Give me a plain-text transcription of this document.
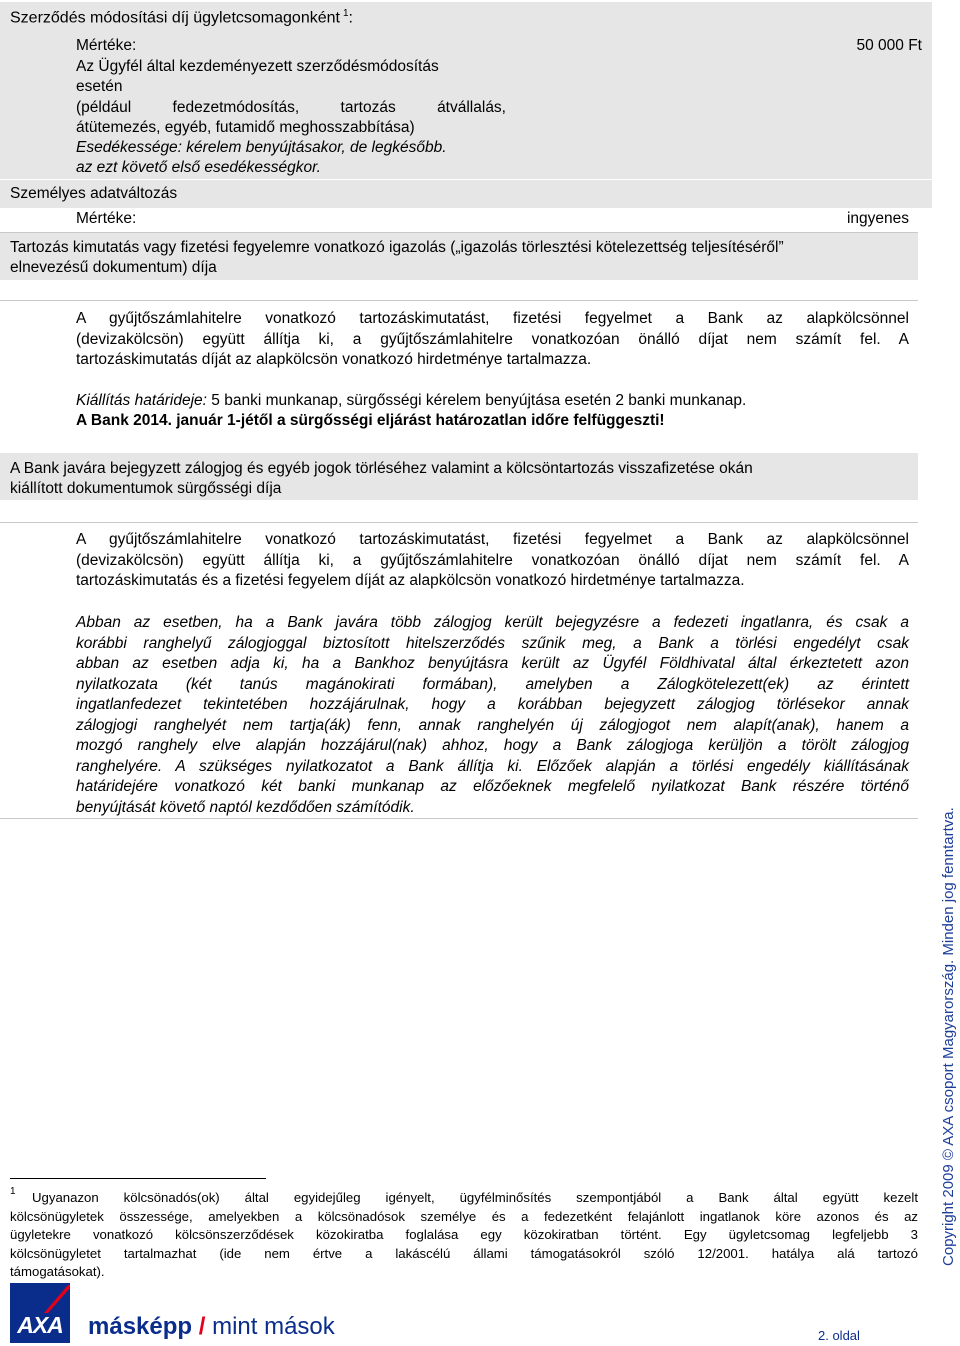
Szerződés módosítási díj ügyletcsomagonként $^1$:
Mértéke:	50 000 Ft
Az Ügyfél által kezdeményezett szerződésmódosítás
esetén
(például fedezetmódosítás, tartozás átvállalás,
átütemezés, egyéb, futamidő meghosszabbítása)
Esedékessége: kérelem benyújtásakor, de legkésőbb.
az ezt követő első esedékességkor.
Személyes adatváltozás
Mértéke:	ingyenes
Tartozás kimutatás vagy fizetési fegyelemre vonatkozó igazolás („igazolás törlesztési kötelezettség teljesítéséről”
elnevezésű dokumentum) díja
A gyűjtőszámlahitelre vonatkozó tartozáskimutatást, fizetési fegyelmet a Bank az alapkölcsönnel
(devizakölcsön) együtt állítja ki, a gyűjtőszámlahitelre vonatkozóan önálló díjat nem számít fel. A
tartozáskimutatás díját az alapkölcsön vonatkozó hirdetménye tartalmazza.
Kiállítás határideje: 5 banki munkanap, sürgősségi kérelem benyújtása esetén 2 banki munkanap.
A Bank 2014. január 1-jétől a sürgősségi eljárást határozatlan időre felfüggeszti!
A Bank javára bejegyzett zálogjog és egyéb jogok törléséhez valamint a kölcsöntartozás visszafizetése okán
kiállított dokumentumok sürgősségi díja
A gyűjtőszámlahitelre vonatkozó tartozáskimutatást, fizetési fegyelmet a Bank az alapkölcsönnel
(devizakölcsön) együtt állítja ki, a gyűjtőszámlahitelre vonatkozóan önálló díjat nem számít fel. A
tartozáskimutatás és a fizetési fegyelem díját az alapkölcsön vonatkozó hirdetménye tartalmazza.
Abban az esetben, ha a Bank javára több zálogjog került bejegyzésre a fedezeti ingatlanra, és csak a
korábbi ranghelyű zálogjoggal biztosított hitelszerződés szűnik meg, a Bank a törlési engedélyt csak
abban az esetben adja ki, ha a Bankhoz benyújtásra került az Ügyfél Földhivatal által érkeztetett azon
nyilatkozata (két tanús magánokirati formában), amelyben a Zálogkötelezett(ek) az érintett
ingatlanfedezet tekintetében hozzájárulnak, hogy a korábban bejegyzett zálogjog törlésekor annak
zálogjogi ranghelyét nem tartja(ák) fenn, annak ranghelyén új zálogjogot nem alapít(anak), hanem a
mozgó ranghely elve alapján hozzájárul(nak) ahhoz, hogy a Bank zálogjoga kerüljön a törölt zálogjog
ranghelyére. A szükséges nyilatkozatot a Bank állítja ki. Előzőek alapján a törlési engedély kiállításának
határidejére vonatkozó két banki munkanap az előzőeknek megfelelő nyilatkozat Bank részére történő
benyújtását követő naptól kezdődően számítódik.
1	Ugyanazon kölcsönadós(ok) által egyidejűleg igényelt, ügyfélminősítés szempontjából a Bank által együtt kezelt
kölcsönügyletek összessége, amelyekben a kölcsönadósok személye és a fedezetként felajánlott ingatlanok köre azonos és az
ügyletekre vonatkozó kölcsönszerződések közokiratba foglalása egy közokiratban történt. Egy ügyletcsomag legfeljebb 3
kölcsönügyletet tartalmazhat (ide nem értve a lakáscélú állami támogatásokról szóló 12/2001. hatálya alá tartozó
támogatásokat).
AXA	másképp / mint mások	2. oldal
Copyright 2009 © AXA csoport Magyarország. Minden jog fenntartva.
